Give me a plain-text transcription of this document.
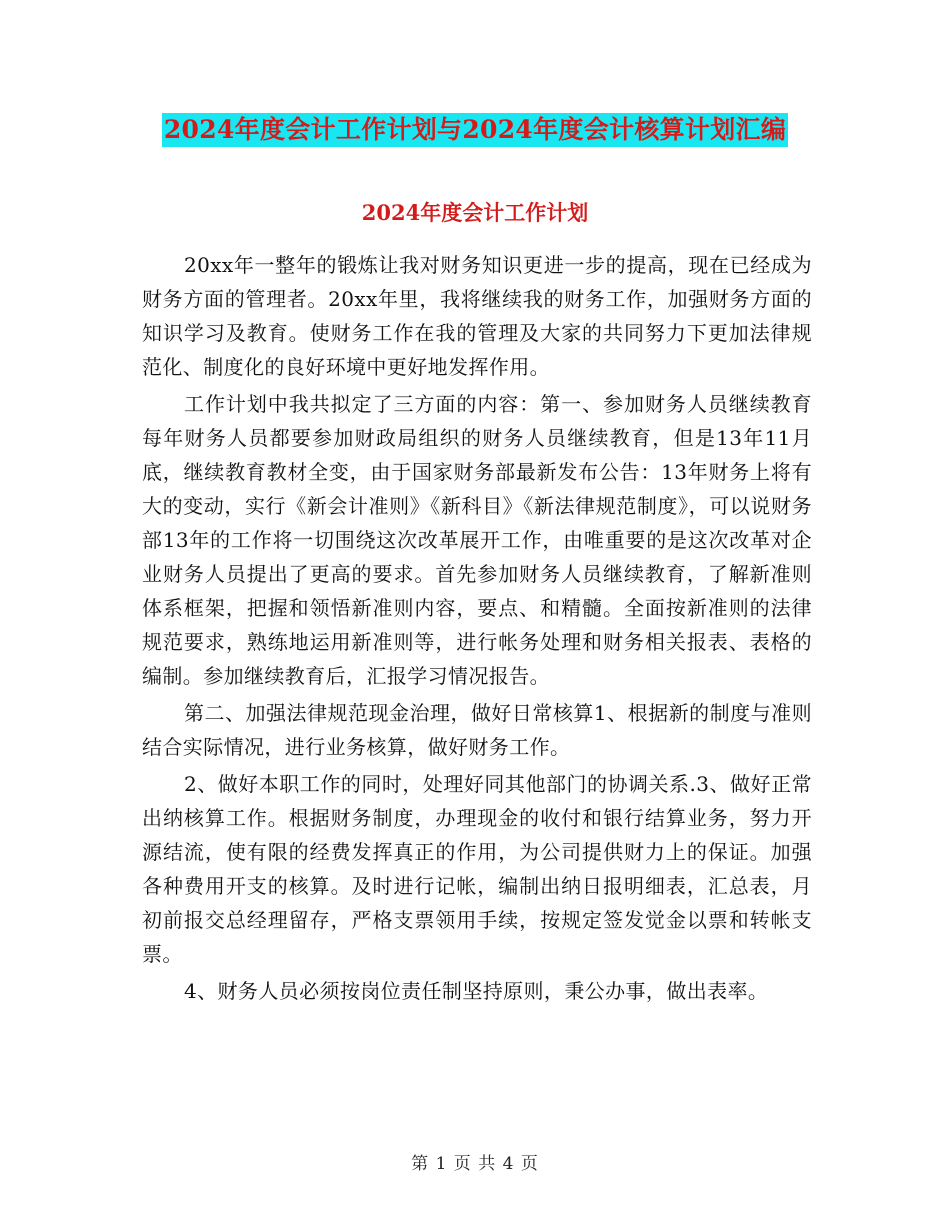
2024年度会计工作计划与2024年度会计核算计划汇编
2024年度会计工作计划

20xx年一整年的锻炼让我对财务知识更进一步的提高，现在已经成为财务方面的管理者。20xx年里，我将继续我的财务工作，加强财务方面的知识学习及教育。使财务工作在我的管理及大家的共同努力下更加法律规范化、制度化的良好环境中更好地发挥作用。

工作计划中我共拟定了三方面的内容：第一、参加财务人员继续教育每年财务人员都要参加财政局组织的财务人员继续教育，但是13年11月底，继续教育教材全变，由于国家财务部最新发布公告：13年财务上将有大的变动，实行《新会计准则》《新科目》《新法律规范制度》，可以说财务部13年的工作将一切围绕这次改革展开工作，由唯重要的是这次改革对企业财务人员提出了更高的要求。首先参加财务人员继续教育，了解新准则体系框架，把握和领悟新准则内容，要点、和精髓。全面按新准则的法律规范要求，熟练地运用新准则等，进行帐务处理和财务相关报表、表格的编制。参加继续教育后，汇报学习情况报告。

第二、加强法律规范现金治理，做好日常核算1、根据新的制度与准则结合实际情况，进行业务核算，做好财务工作。

2、做好本职工作的同时，处理好同其他部门的协调关系.3、做好正常出纳核算工作。根据财务制度，办理现金的收付和银行结算业务，努力开源结流，使有限的经费发挥真正的作用，为公司提供财力上的保证。加强各种费用开支的核算。及时进行记帐，编制出纳日报明细表，汇总表，月初前报交总经理留存，严格支票领用手续，按规定签发觉金以票和转帐支票。

4、财务人员必须按岗位责任制坚持原则，秉公办事，做出表率。

第 1 页 共 4 页
